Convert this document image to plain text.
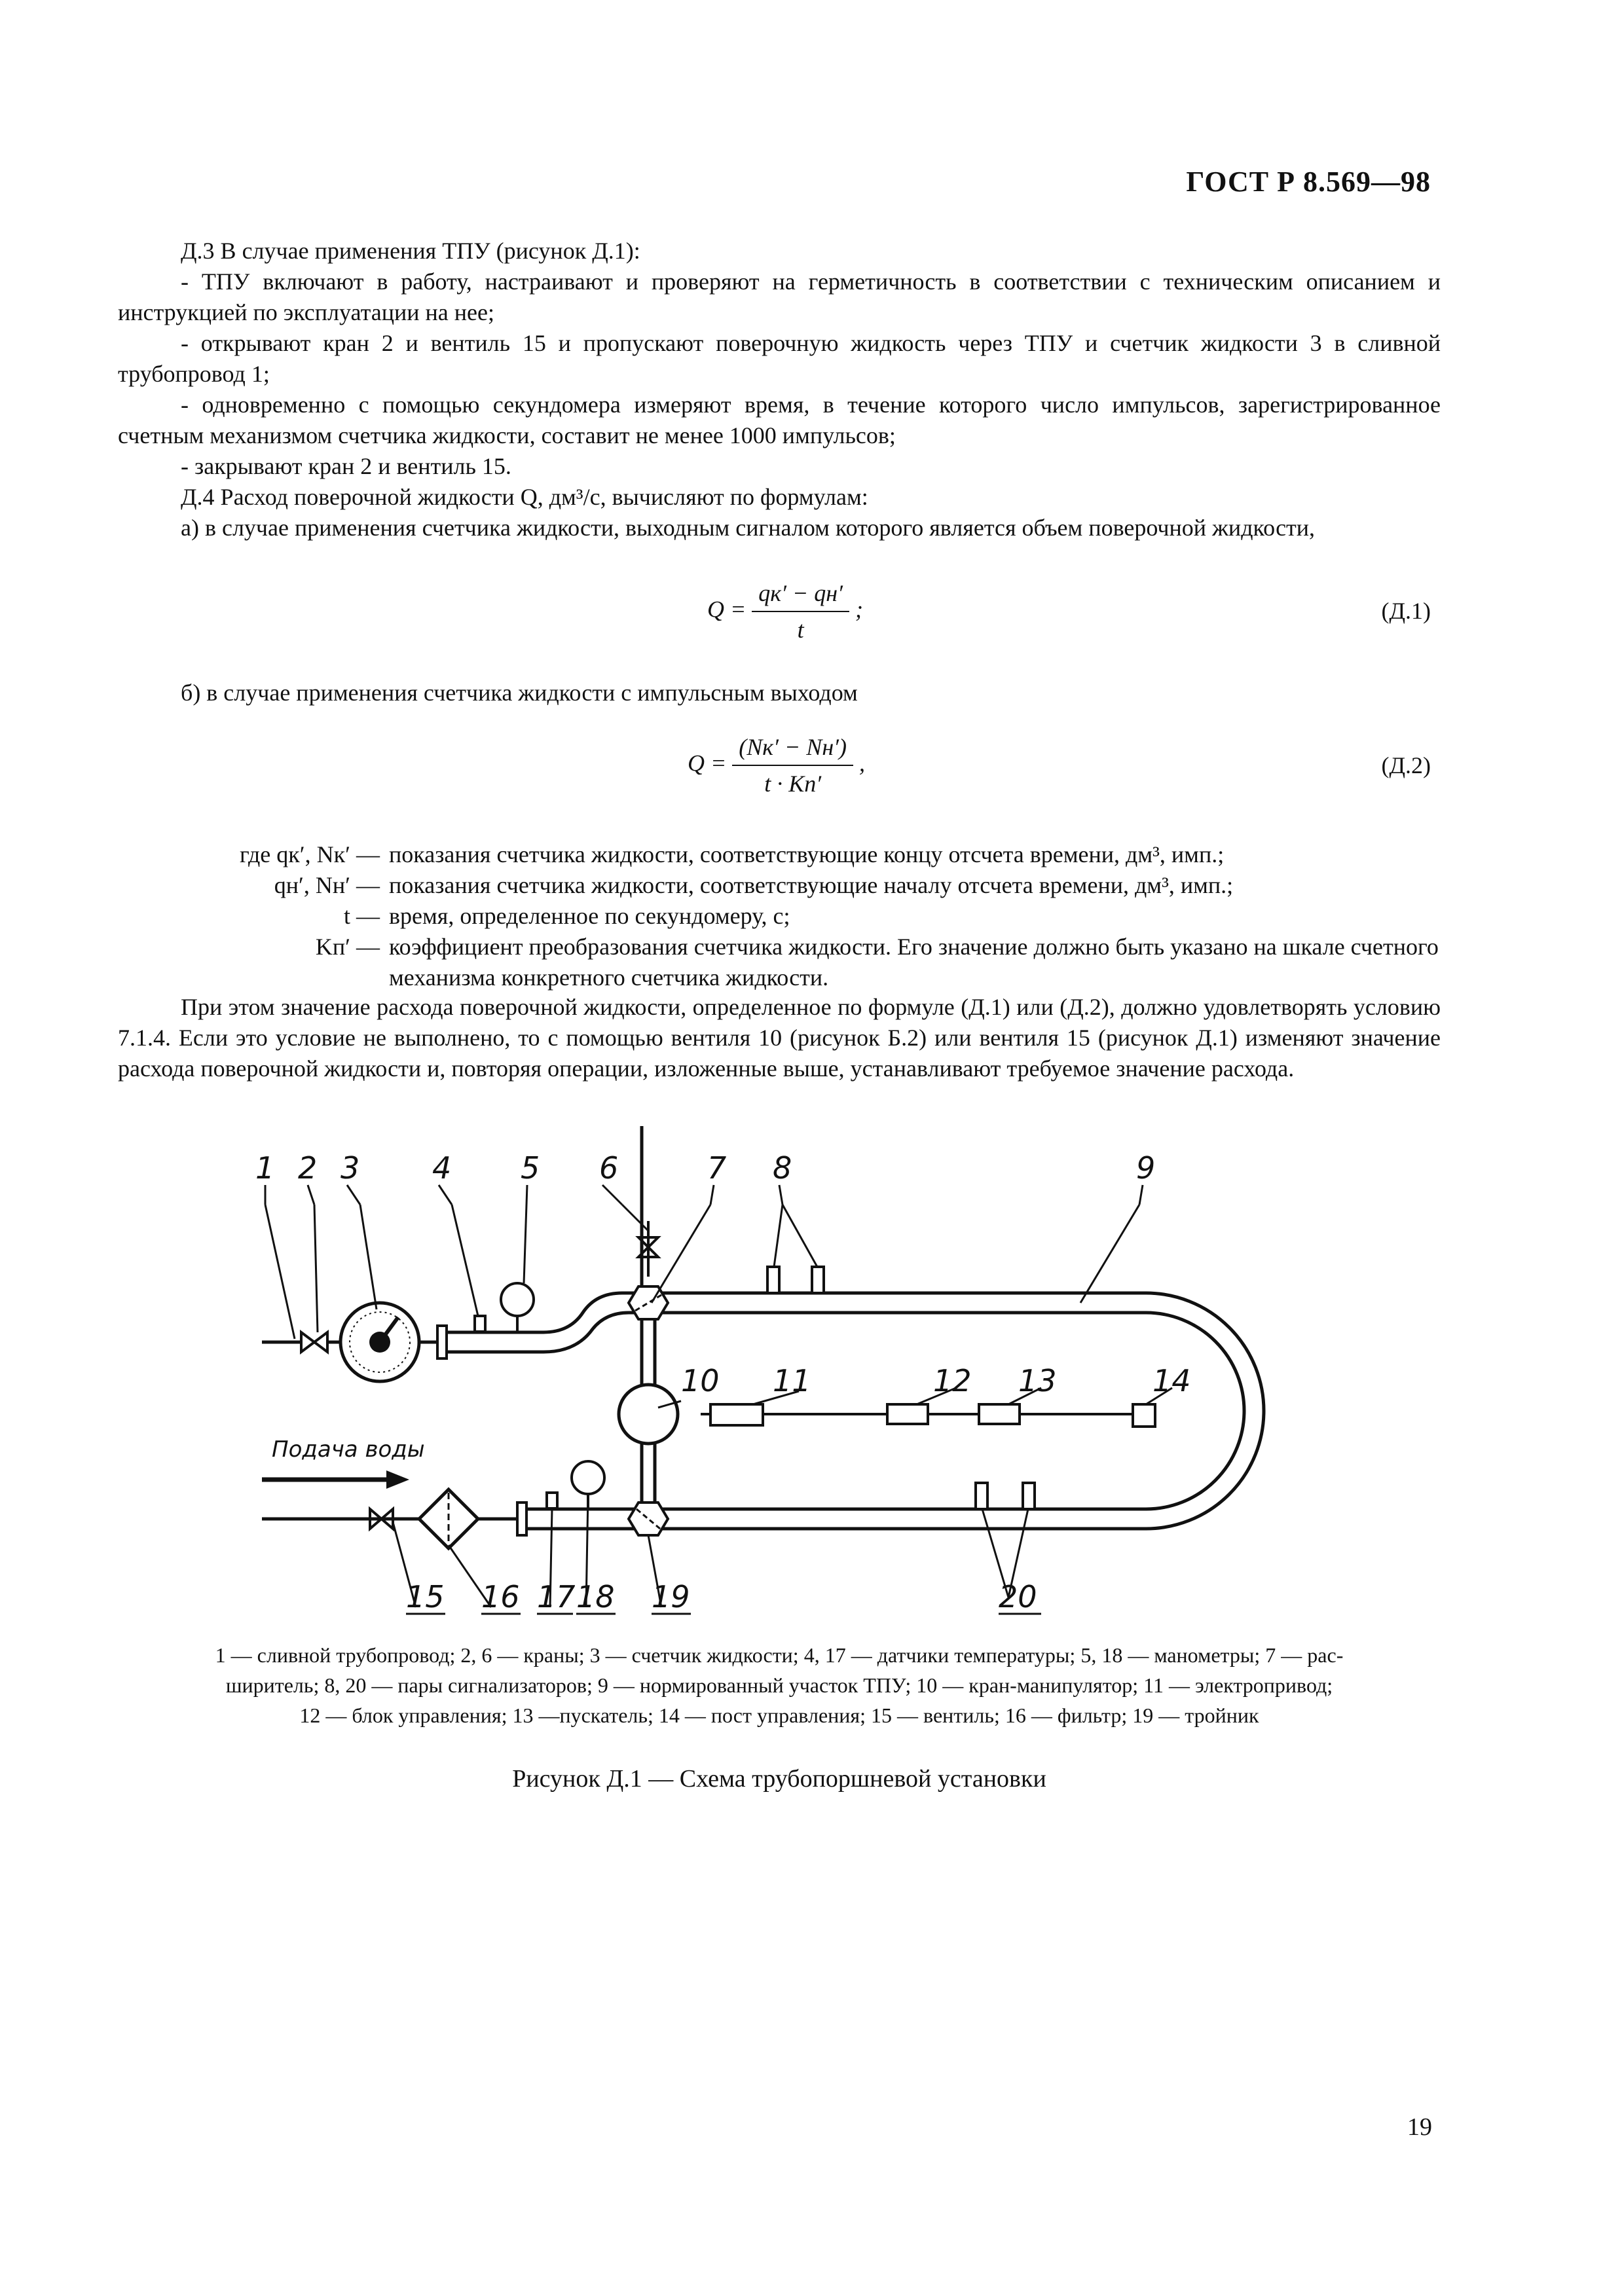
ГОСТ Р 8.569—98

Д.3 В случае применения ТПУ (рисунок Д.1):

- ТПУ включают в работу, настраивают и проверяют на герметичность в соответствии с техническим описанием и инструкцией по эксплуатации на нее;

- открывают кран 2 и вентиль 15 и пропускают поверочную жидкость через ТПУ и счетчик жидкости 3 в сливной трубопровод 1;

- одновременно с помощью секундомера измеряют время, в течение которого число импульсов, зарегистрированное счетным механизмом счетчика жидкости, составит не менее 1000 импульсов;

- закрывают кран 2 и вентиль 15.

Д.4 Расход поверочной жидкости Q, дм³/с, вычисляют по формулам:

а) в случае применения счетчика жидкости, выходным сигналом которого является объем поверочной жидкости,

$Q = \frac{qк' - qн'}{t}$ ;	(Д.1)

б) в случае применения счетчика жидкости с импульсным выходом

$Q = \frac{(Nк' - Nн')}{t \cdot Kп'}$ ,	(Д.2)
где qк′, Nк′ — показания счетчика жидкости, соответствующие концу отсчета времени, дм³, имп.;
qн′, Nн′ — показания счетчика жидкости, соответствующие началу отсчета времени, дм³, имп.;
t — время, определенное по секундомеру, с;
Kп′ — коэффициент преобразования счетчика жидкости. Его значение должно быть указано на шкале счетного механизма конкретного счетчика жидкости.

При этом значение расхода поверочной жидкости, определенное по формуле (Д.1) или (Д.2), должно удовлетворять условию 7.1.4. Если это условие не выполнено, то с помощью вентиля 10 (рисунок Б.2) или вентиля 15 (рисунок Д.1) изменяют значение расхода поверочной жидкости и, повторяя операции, изложенные выше, устанавливают требуемое значение расхода.

Подача воды
1 2 3 4 5 6	7 8	9
10 11	12 13	14
15 16 17 18 19	20
1 — сливной трубопровод; 2, 6 — краны; 3 — счетчик жидкости; 4, 17 — датчики температуры; 5, 18 — манометры; 7 — рас-
ширитель; 8, 20 — пары сигнализаторов; 9 — нормированный участок ТПУ; 10 — кран-манипулятор; 11 — электропривод;
12 — блок управления; 13 —пускатель; 14 — пост управления; 15 — вентиль; 16 — фильтр; 19 — тройник
Рисунок Д.1 — Схема трубопоршневой установки
19
